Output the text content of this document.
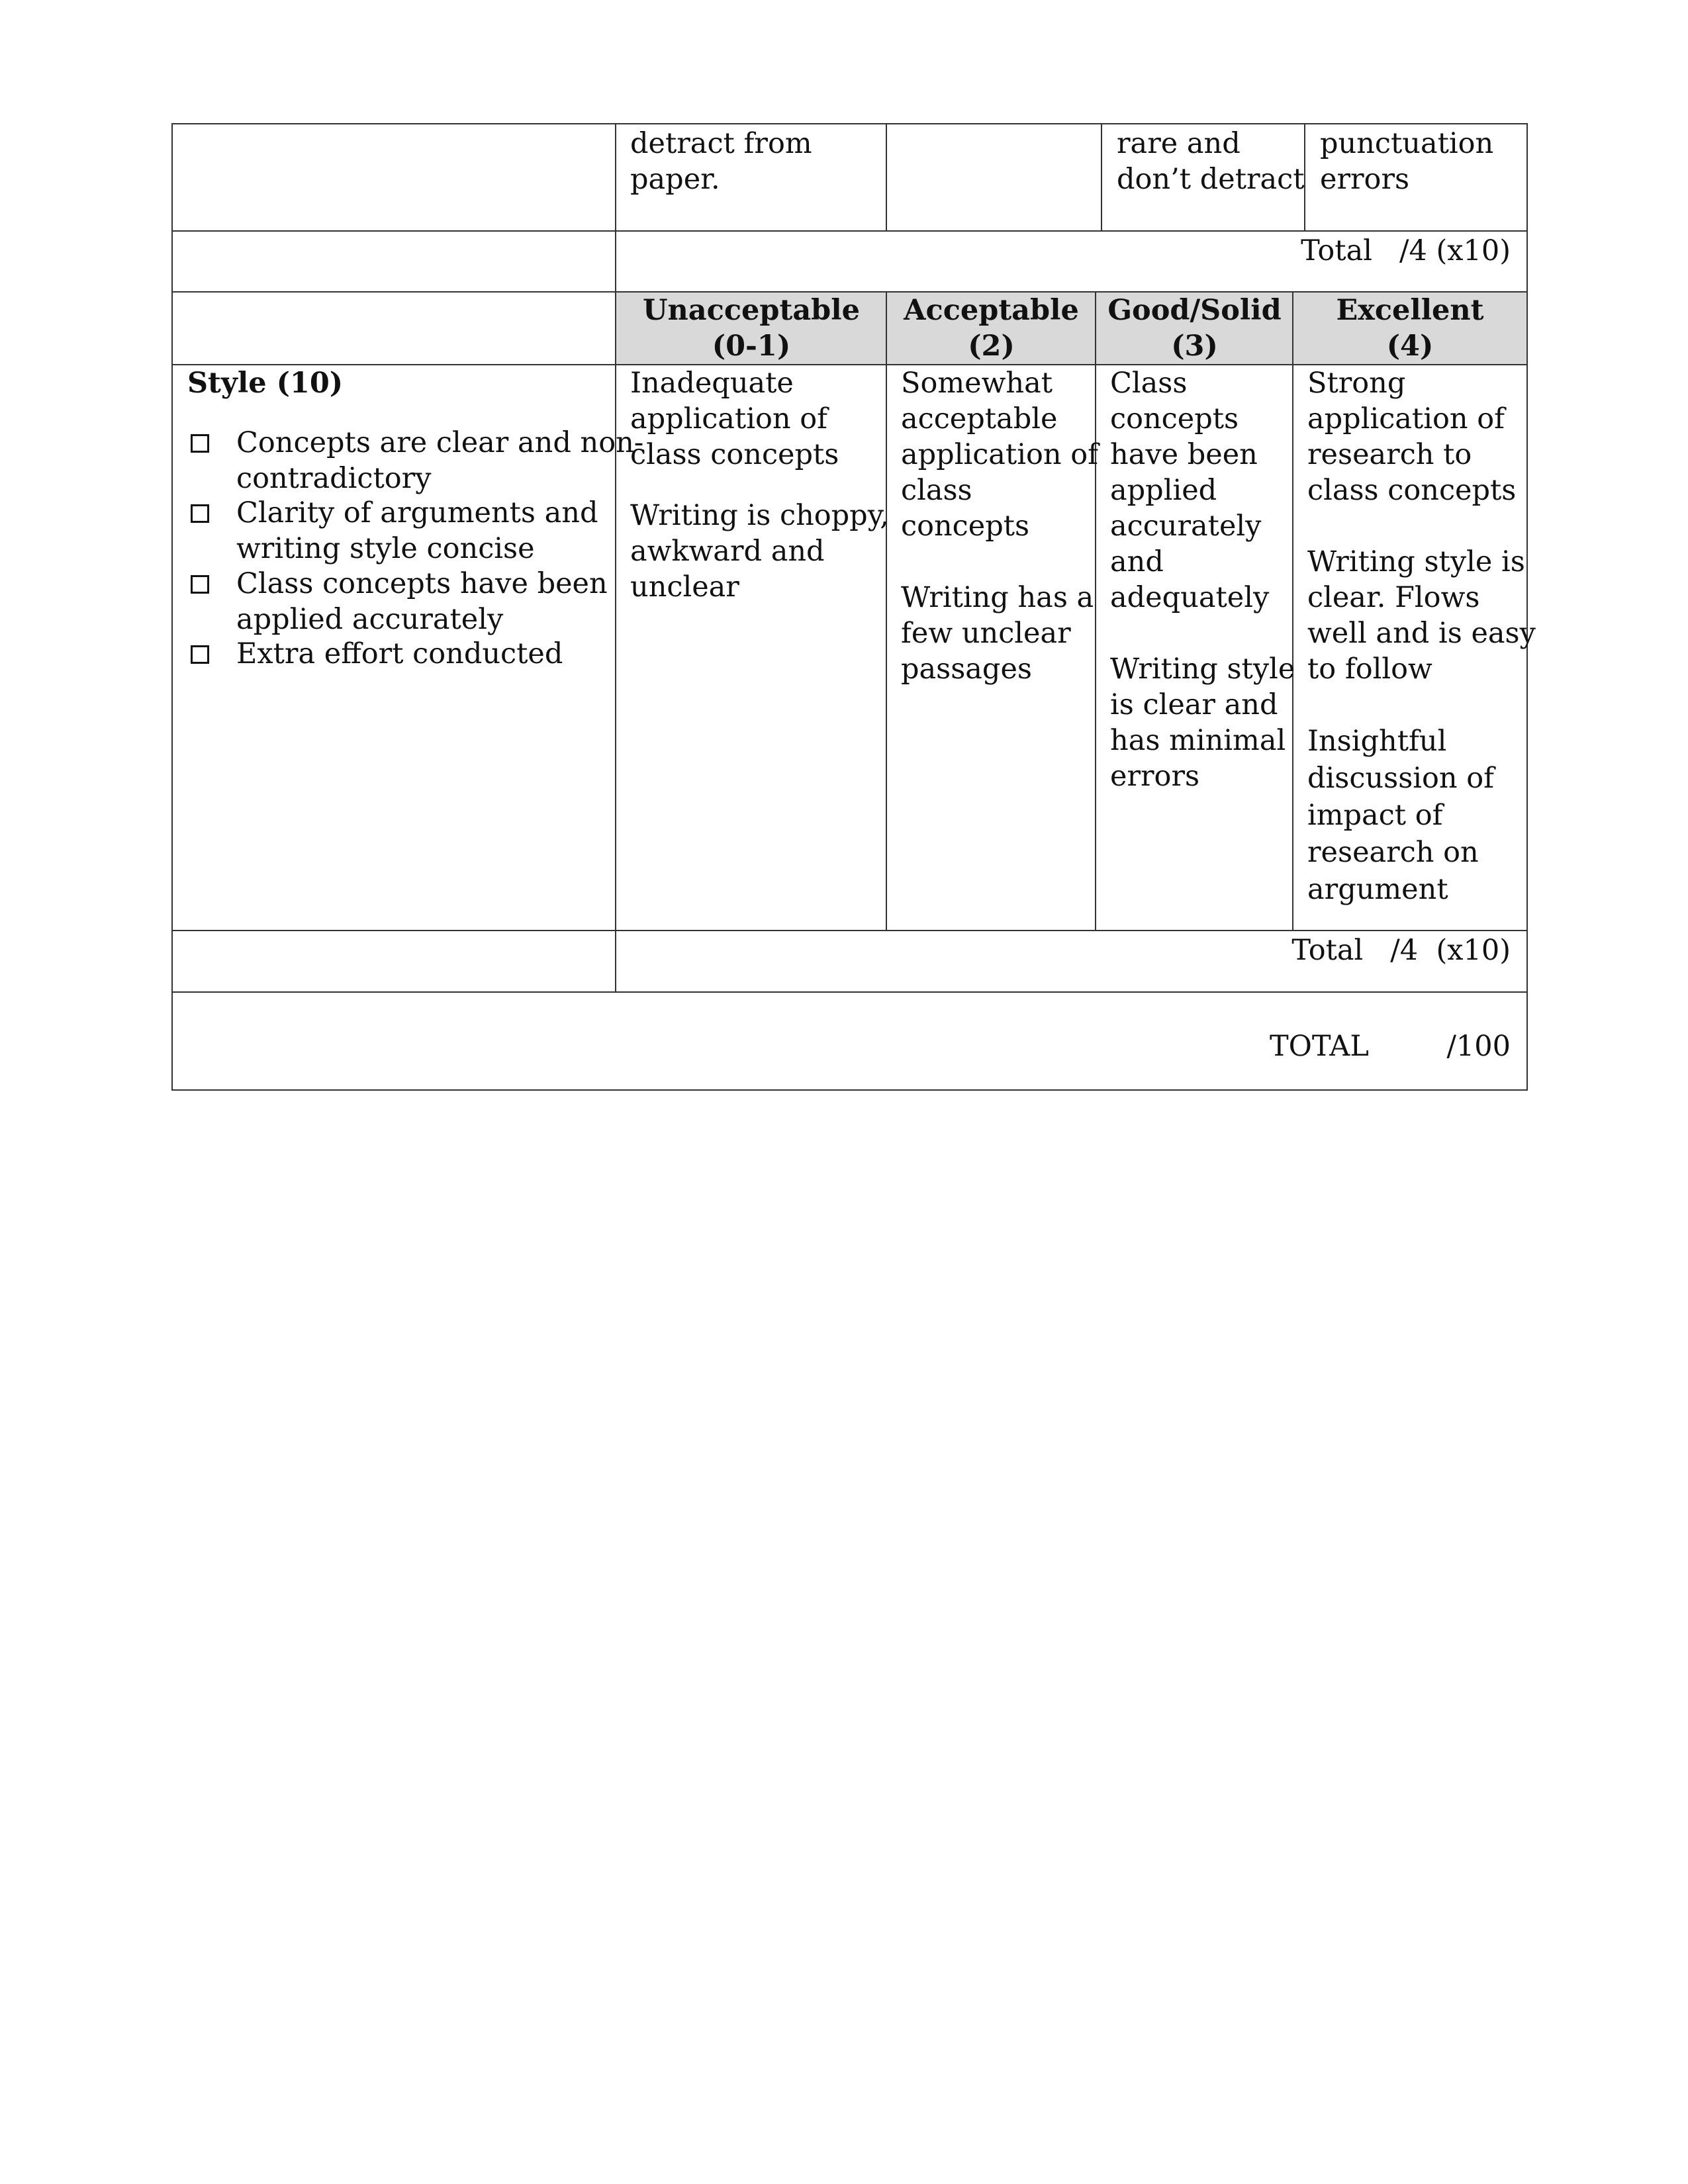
detract from
paper.
rare and
don’t detract
punctuation
errors
Total   /4 (x10)
Unacceptable
(0-1)
Acceptable
(2)
Good/Solid
(3)
Excellent
(4)
Style (10)
Concepts are clear and non-
contradictory
Clarity of arguments and
writing style concise
Class concepts have been
applied accurately
Extra effort conducted
Inadequate
application of
class concepts
Writing is choppy,
awkward and
unclear
Somewhat
acceptable
application of
class
concepts
Writing has a
few unclear
passages
Class
concepts
have been
applied
accurately
and
adequately
Writing style
is clear and
has minimal
errors
Strong
application of
research to
class concepts
Writing style is
clear. Flows
well and is easy
to follow
Insightful
discussion of
impact of
research on
argument
Total   /4  (x10)
TOTAL	/100
